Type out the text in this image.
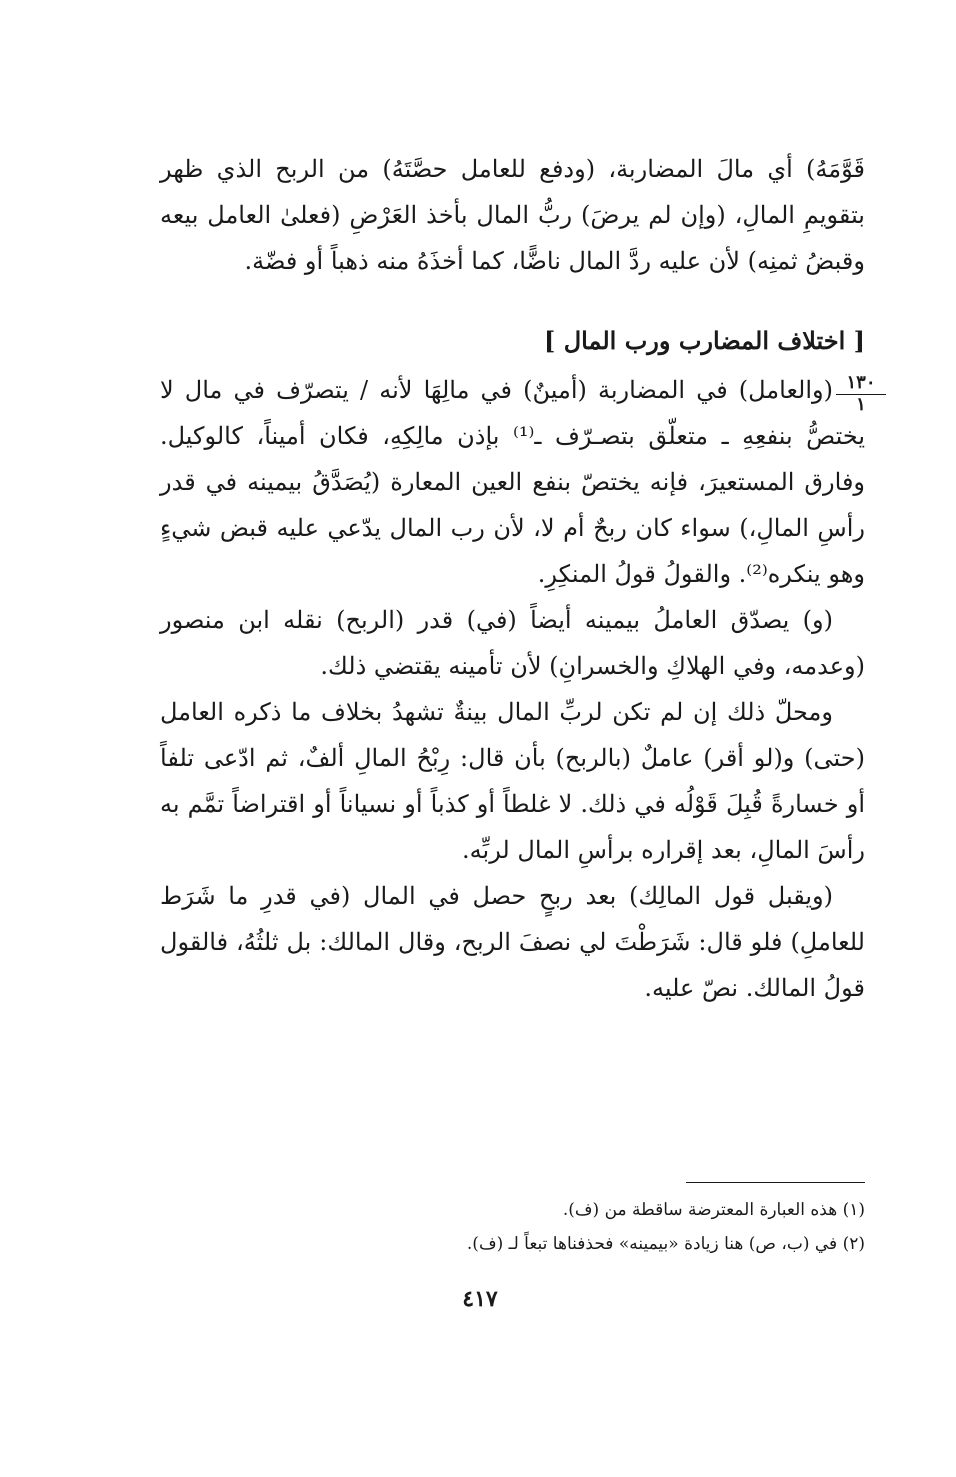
قَوَّمَهُ) أي مالَ المضاربة، (ودفع للعامل حصَّتَهُ) من الربح الذي ظهر بتقويمِ المالِ، (وإن لم يرضَ) ربُّ المال بأخذ العَرْضِ (فعلىٰ العامل بيعه وقبضُ ثمنِه) لأن عليه ردَّ المال ناضًّا، كما أخذَهُ منه ذهباً أو فضّة.

[ اختلاف المضارب ورب المال ]
١٣٠
١

(والعامل) في المضاربة (أمينٌ) في مالِهَا لأنه / يتصرّف في مال لا يختصُّ بنفعِهِ ـ متعلّق بتصـرّف ـ⁽¹⁾ بإذن مالِكِهِ، فكان أميناً، كالوكيل. وفارق المستعيرَ، فإنه يختصّ بنفع العين المعارة (يُصَدَّقُ بيمينه في قدر رأسِ المالِ،) سواء كان ربحٌ أم لا، لأن رب المال يدّعي عليه قبض شيءٍ وهو ينكره⁽²⁾. والقولُ قولُ المنكِرِ.

(و) يصدّق العاملُ بيمينه أيضاً (في) قدر (الربح) نقله ابن منصور (وعدمه، وفي الهلاكِ والخسرانِ) لأن تأمينه يقتضي ذلك.

ومحلّ ذلك إن لم تكن لربِّ المال بينةٌ تشهدُ بخلاف ما ذكره العامل (حتى) و(لو أقر) عاملٌ (بالربح) بأن قال: رِبْحُ المالِ ألفٌ، ثم ادّعى تلفاً أو خسارةً قُبِلَ قَوْلُه في ذلك. لا غلطاً أو كذباً أو نسياناً أو اقتراضاً تمَّم به رأسَ المالِ، بعد إقراره برأسِ المال لربِّه.

(ويقبل قول المالِك) بعد ربحٍ حصل في المال (في قدرِ ما شَرَط للعاملِ) فلو قال: شَرَطْتَ لي نصفَ الربح، وقال المالك: بل ثلثُهُ، فالقول قولُ المالك. نصّ عليه.

(١) هذه العبارة المعترضة ساقطة من (ف).

(٢) في (ب، ص) هنا زيادة «بيمينه» فحذفناها تبعاً لـ (ف).

٤١٧
